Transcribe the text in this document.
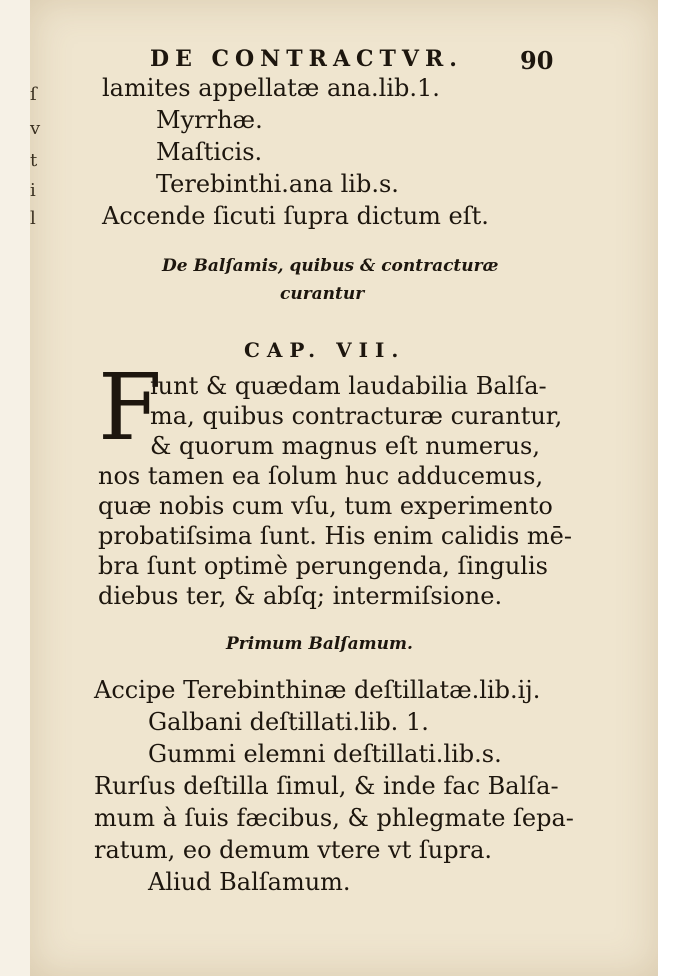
ſ
v
t
i
l
DE CONTRACTVR. 90
lamites appellatæ ana.lib.1.
Myrrhæ.
Maſticis.
Terebinthi.ana lib.s.
Accende ſicuti ſupra dictum eſt.
De Balſamis, quibus & contracturæ
curantur
CAP. VII.
F
iunt & quædam laudabilia Balſa-
ma, quibus contracturæ curantur,
& quorum magnus eſt numerus,
nos tamen ea ſolum huc adducemus,
quæ nobis cum vſu, tum experimento
probatiſsima ſunt. His enim calidis mē-
bra ſunt optimè perungenda, ſingulis
diebus ter, & abſq; intermiſsione.
Primum Balſamum.
Accipe Terebinthinæ deſtillatæ.lib.ij.
Galbani deſtillati.lib. 1.
Gummi elemni deſtillati.lib.s.
Rurſus deſtilla ſimul, & inde fac Balſa-
mum à ſuis fæcibus, & phlegmate ſepa-
ratum, eo demum vtere vt ſupra.
Aliud Balſamum.
